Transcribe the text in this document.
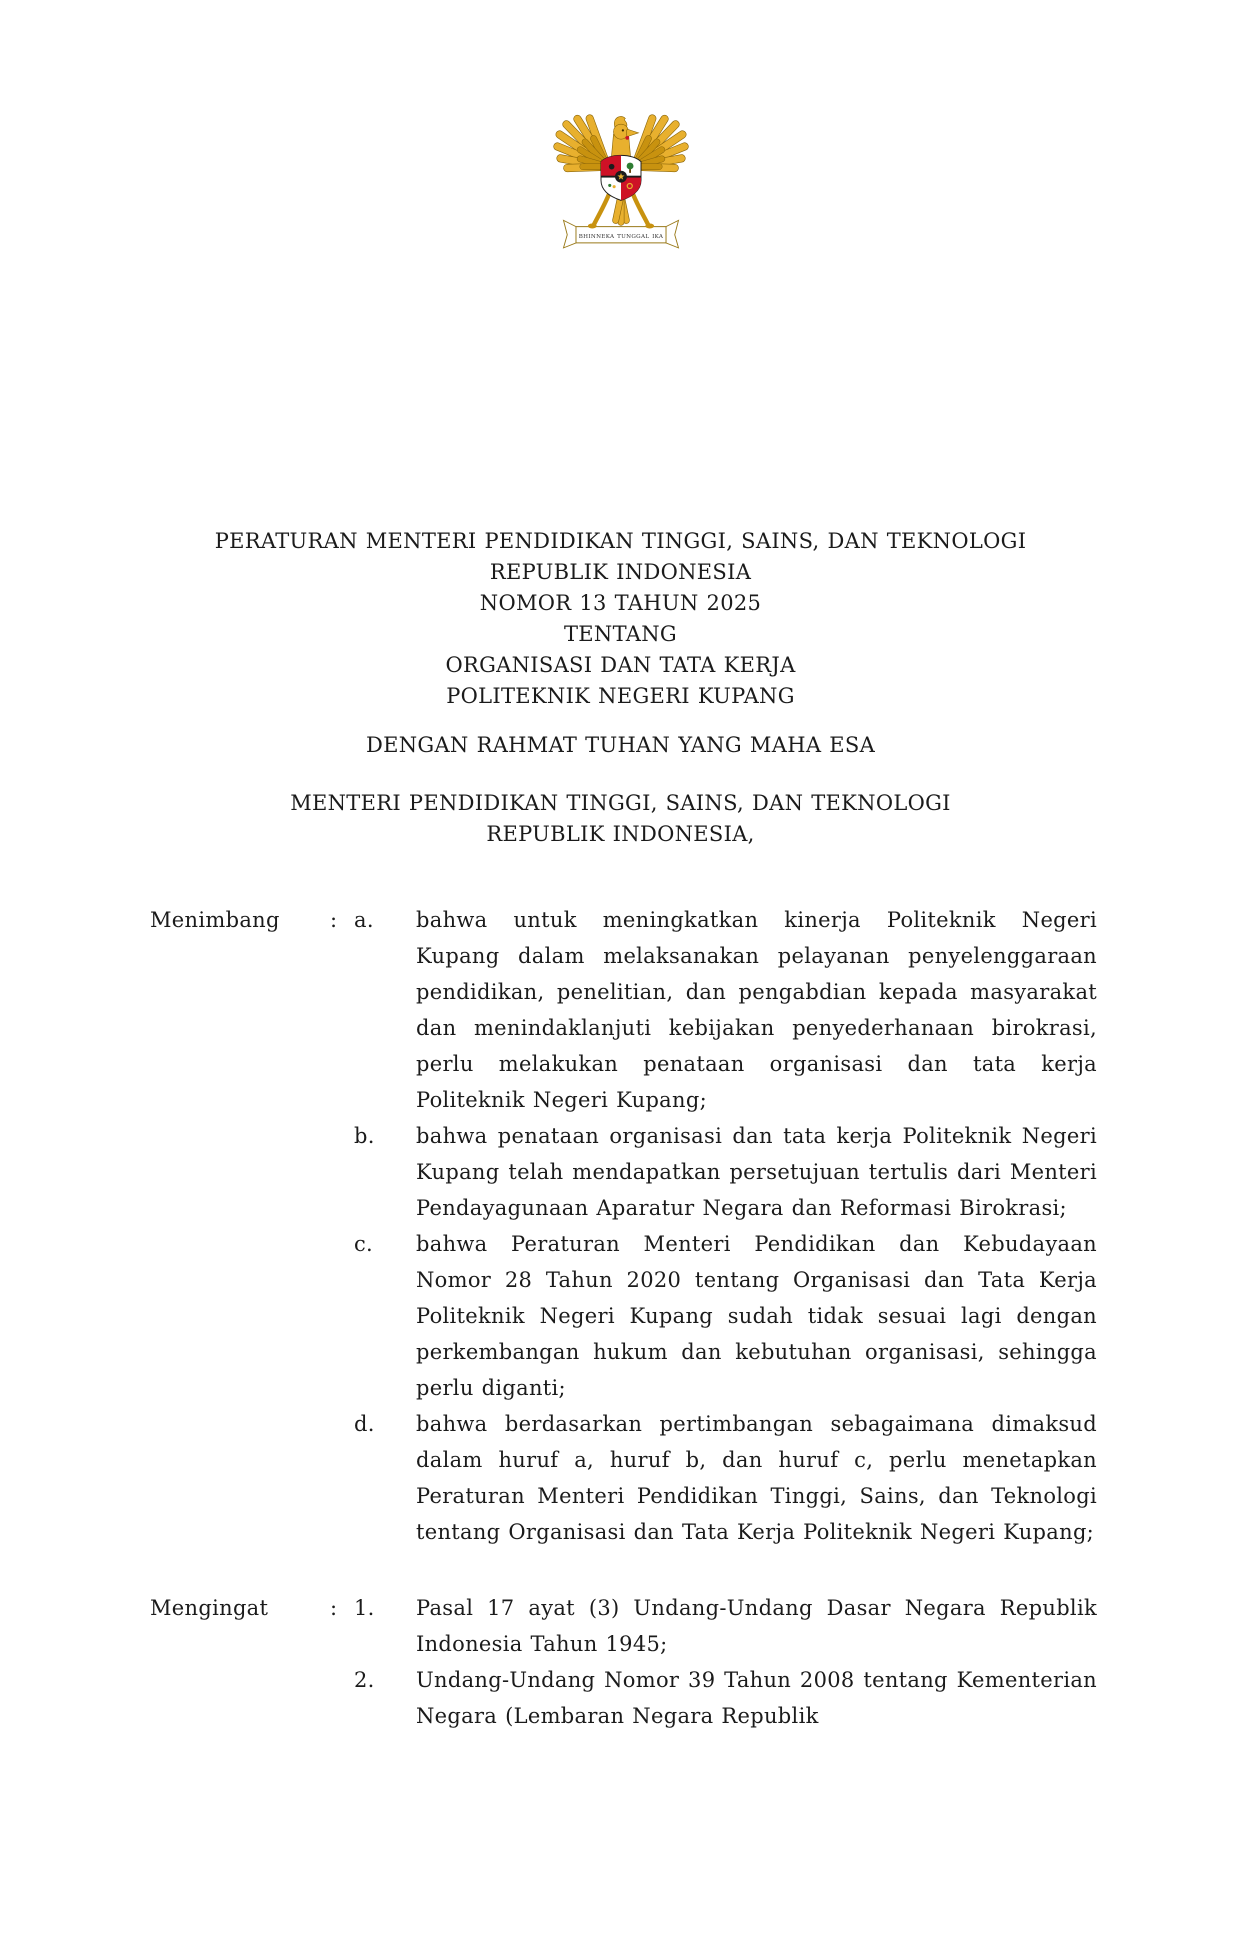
BHINNEKA TUNGGAL IKA
PERATURAN MENTERI PENDIDIKAN TINGGI, SAINS, DAN TEKNOLOGI
REPUBLIK INDONESIA
NOMOR 13 TAHUN 2025
TENTANG
ORGANISASI DAN TATA KERJA
POLITEKNIK NEGERI KUPANG
DENGAN RAHMAT TUHAN YANG MAHA ESA
MENTERI PENDIDIKAN TINGGI, SAINS, DAN TEKNOLOGI
REPUBLIK INDONESIA,
Menimbang	: a.	bahwa untuk meningkatkan kinerja Politeknik Negeri Kupang dalam melaksanakan pelayanan penyelenggaraan pendidikan, penelitian, dan pengabdian kepada masyarakat dan menindaklanjuti kebijakan penyederhanaan birokrasi, perlu melakukan penataan organisasi dan tata kerja Politeknik Negeri Kupang;
b.	bahwa penataan organisasi dan tata kerja Politeknik Negeri Kupang telah mendapatkan persetujuan tertulis dari Menteri Pendayagunaan Aparatur Negara dan Reformasi Birokrasi;
c.	bahwa Peraturan Menteri Pendidikan dan Kebudayaan Nomor 28 Tahun 2020 tentang Organisasi dan Tata Kerja Politeknik Negeri Kupang sudah tidak sesuai lagi dengan perkembangan hukum dan kebutuhan organisasi, sehingga perlu diganti;
d.	bahwa berdasarkan pertimbangan sebagaimana dimaksud dalam huruf a, huruf b, dan huruf c, perlu menetapkan Peraturan Menteri Pendidikan Tinggi, Sains, dan Teknologi tentang Organisasi dan Tata Kerja Politeknik Negeri Kupang;
Mengingat	: 1.	Pasal 17 ayat (3) Undang-Undang Dasar Negara Republik Indonesia Tahun 1945;
2.	Undang-Undang Nomor 39 Tahun 2008 tentang Kementerian Negara (Lembaran Negara Republik
